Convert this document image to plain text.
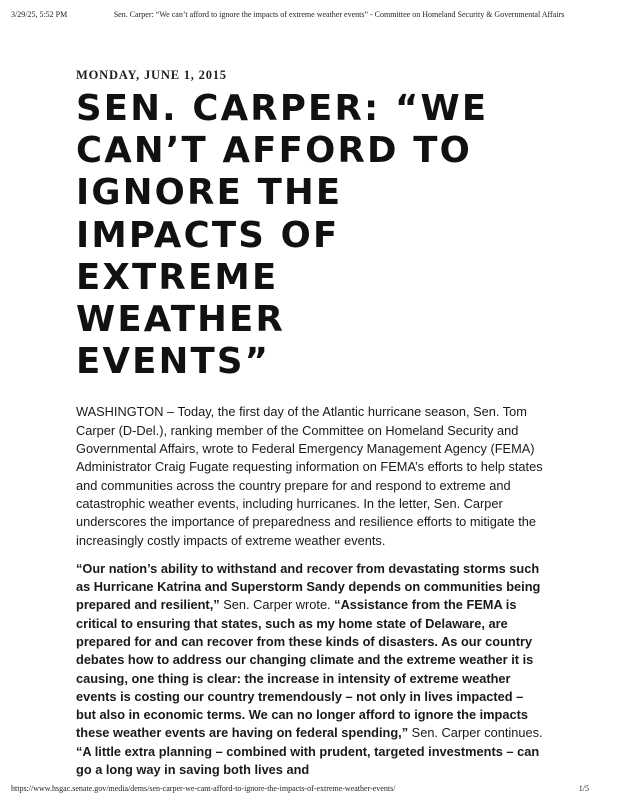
3/29/25, 5:52 PM	Sen. Carper: “We can’t afford to ignore the impacts of extreme weather events” - Committee on Homeland Security & Governmental Affairs
MONDAY, JUNE 1, 2015
SEN. CARPER: “WE
CAN’T AFFORD TO
IGNORE THE
IMPACTS OF
EXTREME
WEATHER
EVENTS”

WASHINGTON – Today, the first day of the Atlantic hurricane season, Sen. Tom Carper (D-Del.), ranking member of the Committee on Homeland Security and Governmental Affairs, wrote to Federal Emergency Management Agency (FEMA) Administrator Craig Fugate requesting information on FEMA’s efforts to help states and communities across the country prepare for and respond to extreme and catastrophic weather events, including hurricanes. In the letter, Sen. Carper underscores the importance of preparedness and resilience efforts to mitigate the increasingly costly impacts of extreme weather events.

“Our nation’s ability to withstand and recover from devastating storms such as Hurricane Katrina and Superstorm Sandy depends on communities being prepared and resilient,” Sen. Carper wrote. “Assistance from the FEMA is critical to ensuring that states, such as my home state of Delaware, are prepared for and can recover from these kinds of disasters. As our country debates how to address our changing climate and the extreme weather it is causing, one thing is clear: the increase in intensity of extreme weather events is costing our country tremendously – not only in lives impacted – but also in economic terms. We can no longer afford to ignore the impacts these weather events are having on federal spending,” Sen. Carper continues. “A little extra planning – combined with prudent, targeted investments – can go a long way in saving both lives and

https://www.hsgac.senate.gov/media/dems/sen-carper-we-cant-afford-to-ignore-the-impacts-of-extreme-weather-events/	1/5
